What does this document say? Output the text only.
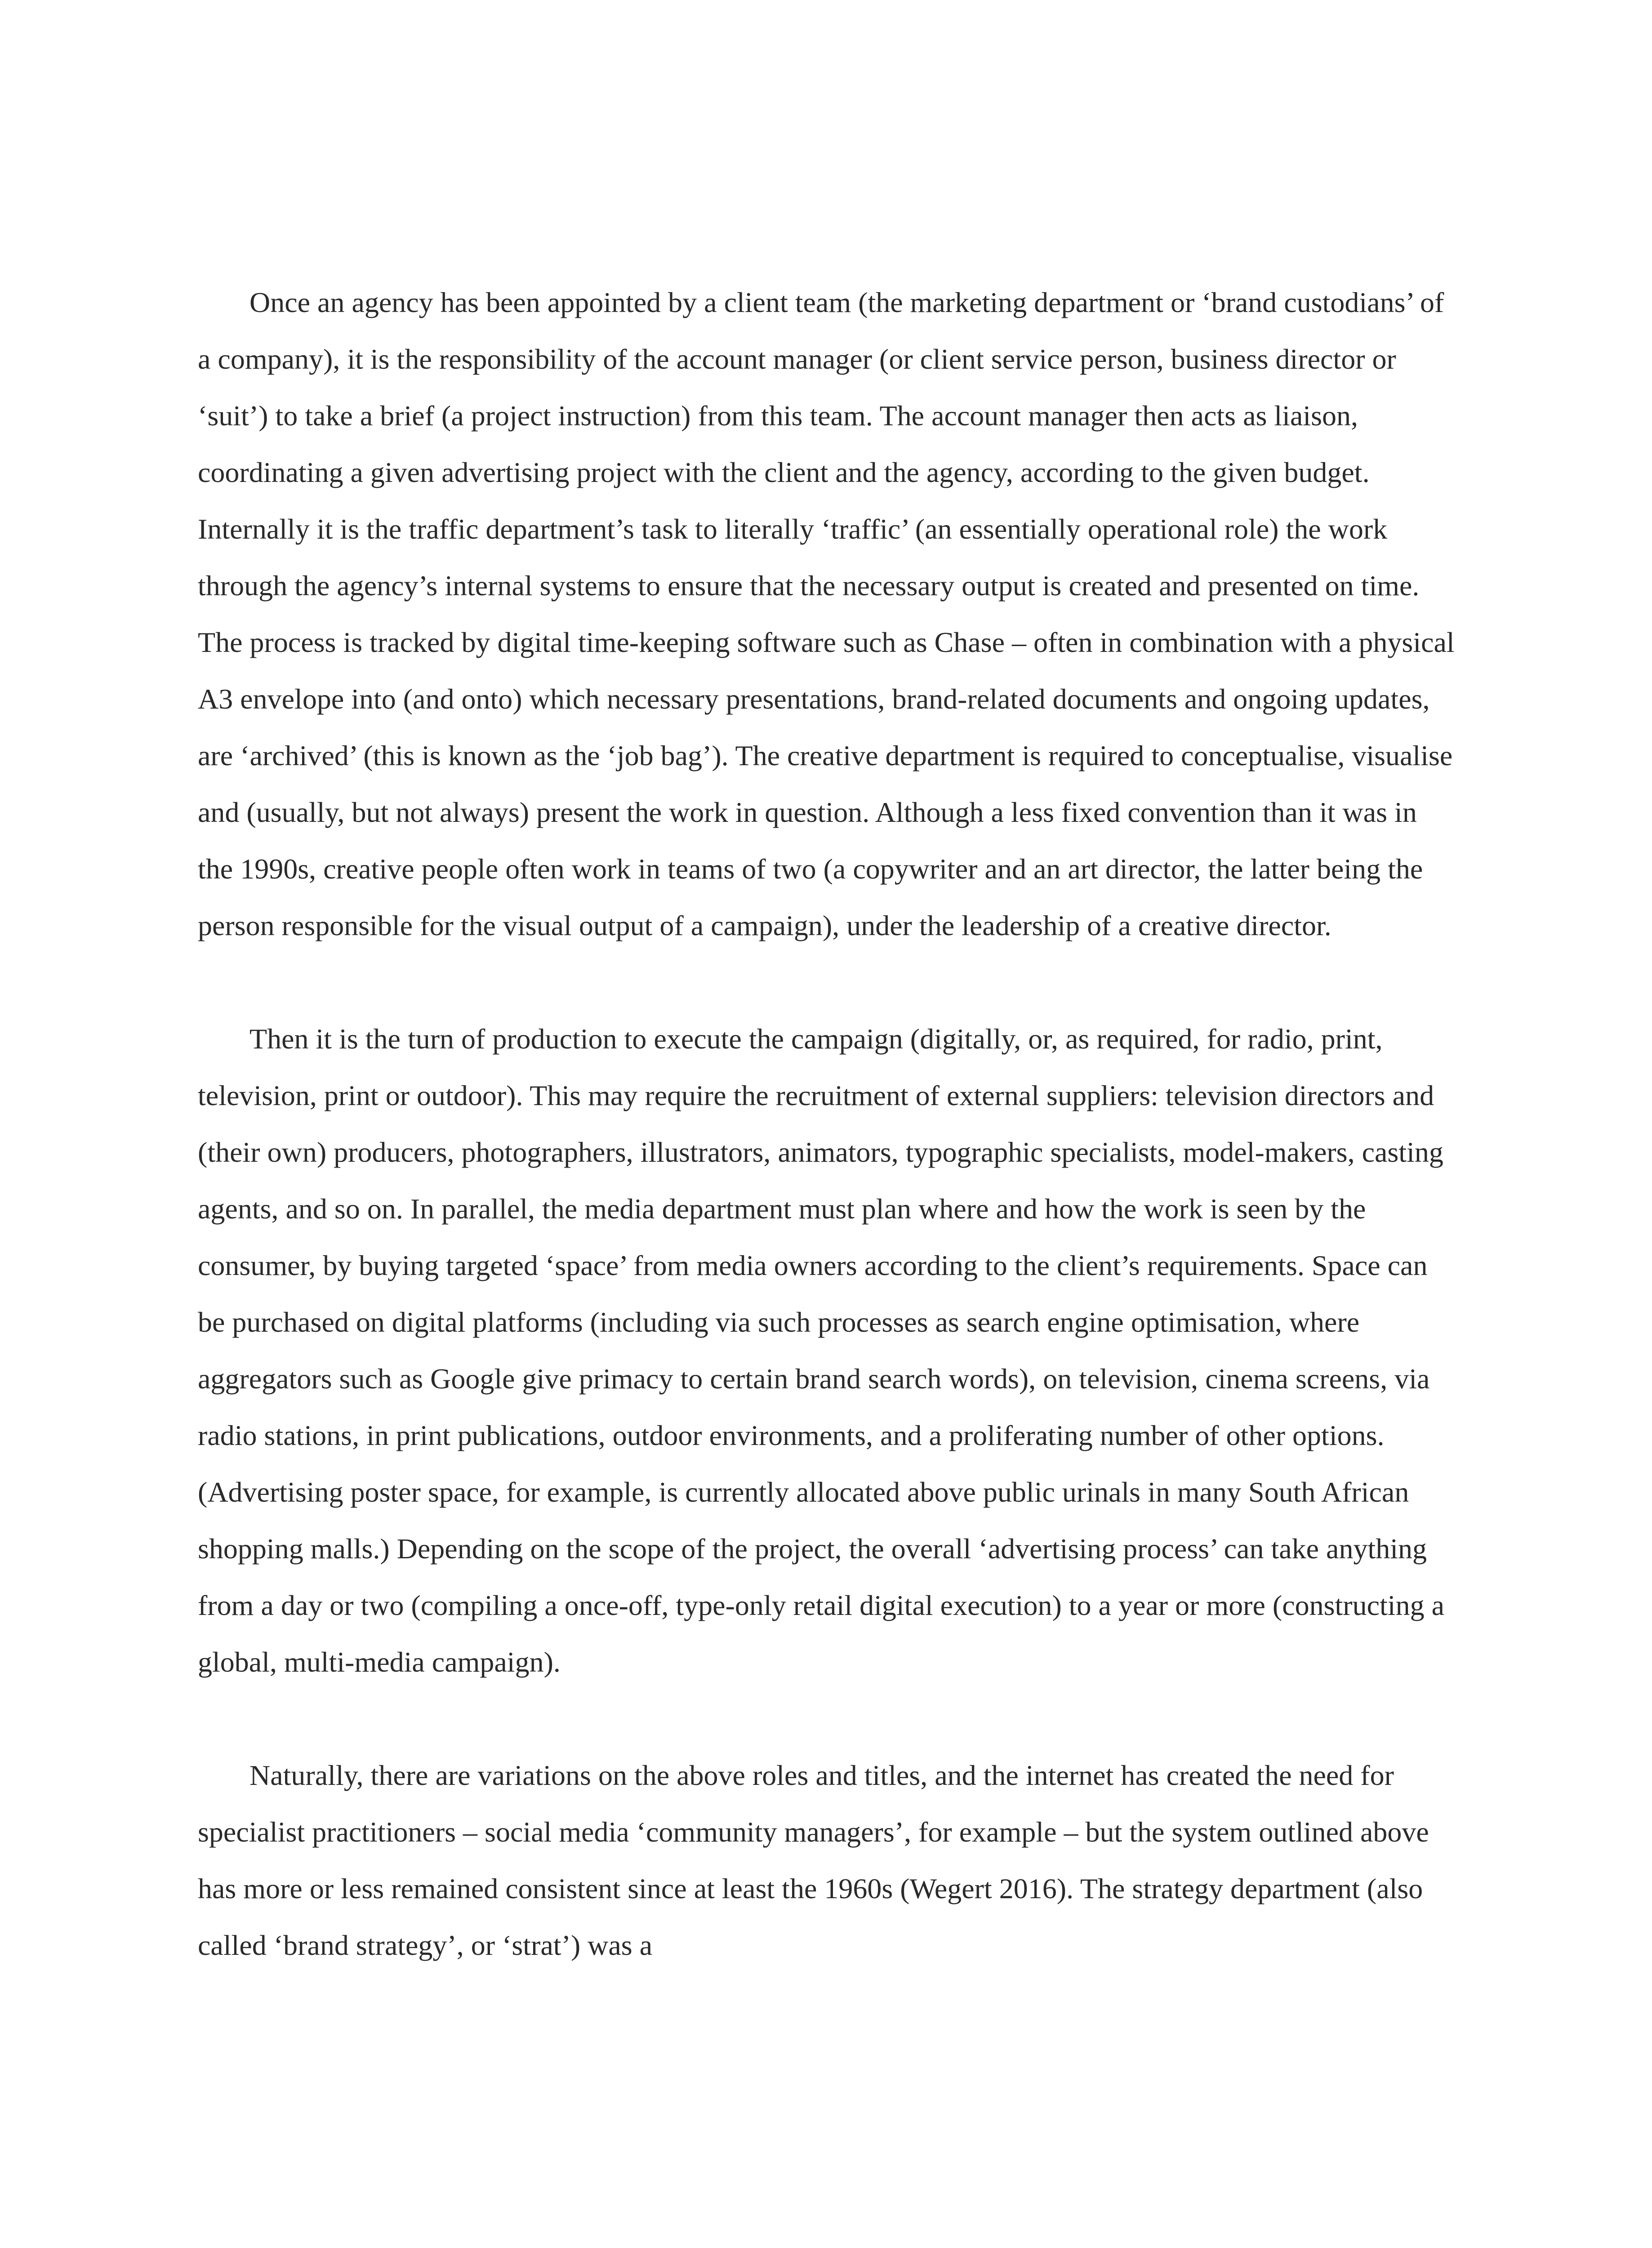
Once an agency has been appointed by a client team (the marketing department or ‘brand custodians’ of a company), it is the responsibility of the account manager (or client service person, business director or ‘suit’) to take a brief (a project instruction) from this team. The account manager then acts as liaison, coordinating a given advertising project with the client and the agency, according to the given budget. Internally it is the traffic department’s task to literally ‘traffic’ (an essentially operational role) the work through the agency’s internal systems to ensure that the necessary output is created and presented on time. The process is tracked by digital time-keeping software such as Chase – often in combination with a physical A3 envelope into (and onto) which necessary presentations, brand-related documents and ongoing updates, are ‘archived’ (this is known as the ‘job bag’). The creative department is required to conceptualise, visualise and (usually, but not always) present the work in question. Although a less fixed convention than it was in the 1990s, creative people often work in teams of two (a copywriter and an art director, the latter being the person responsible for the visual output of a campaign), under the leadership of a creative director.

Then it is the turn of production to execute the campaign (digitally, or, as required, for radio, print, television, print or outdoor). This may require the recruitment of external suppliers: television directors and (their own) producers, photographers, illustrators, animators, typographic specialists, model-makers, casting agents, and so on. In parallel, the media department must plan where and how the work is seen by the consumer, by buying targeted ‘space’ from media owners according to the client’s requirements. Space can be purchased on digital platforms (including via such processes as search engine optimisation, where aggregators such as Google give primacy to certain brand search words), on television, cinema screens, via radio stations, in print publications, outdoor environments, and a proliferating number of other options. (Advertising poster space, for example, is currently allocated above public urinals in many South African shopping malls.) Depending on the scope of the project, the overall ‘advertising process’ can take anything from a day or two (compiling a once-off, type-only retail digital execution) to a year or more (constructing a global, multi-media campaign).

Naturally, there are variations on the above roles and titles, and the internet has created the need for specialist practitioners – social media ‘community managers’, for example – but the system outlined above has more or less remained consistent since at least the 1960s (Wegert 2016). The strategy department (also called ‘brand strategy’, or ‘strat’) was a
